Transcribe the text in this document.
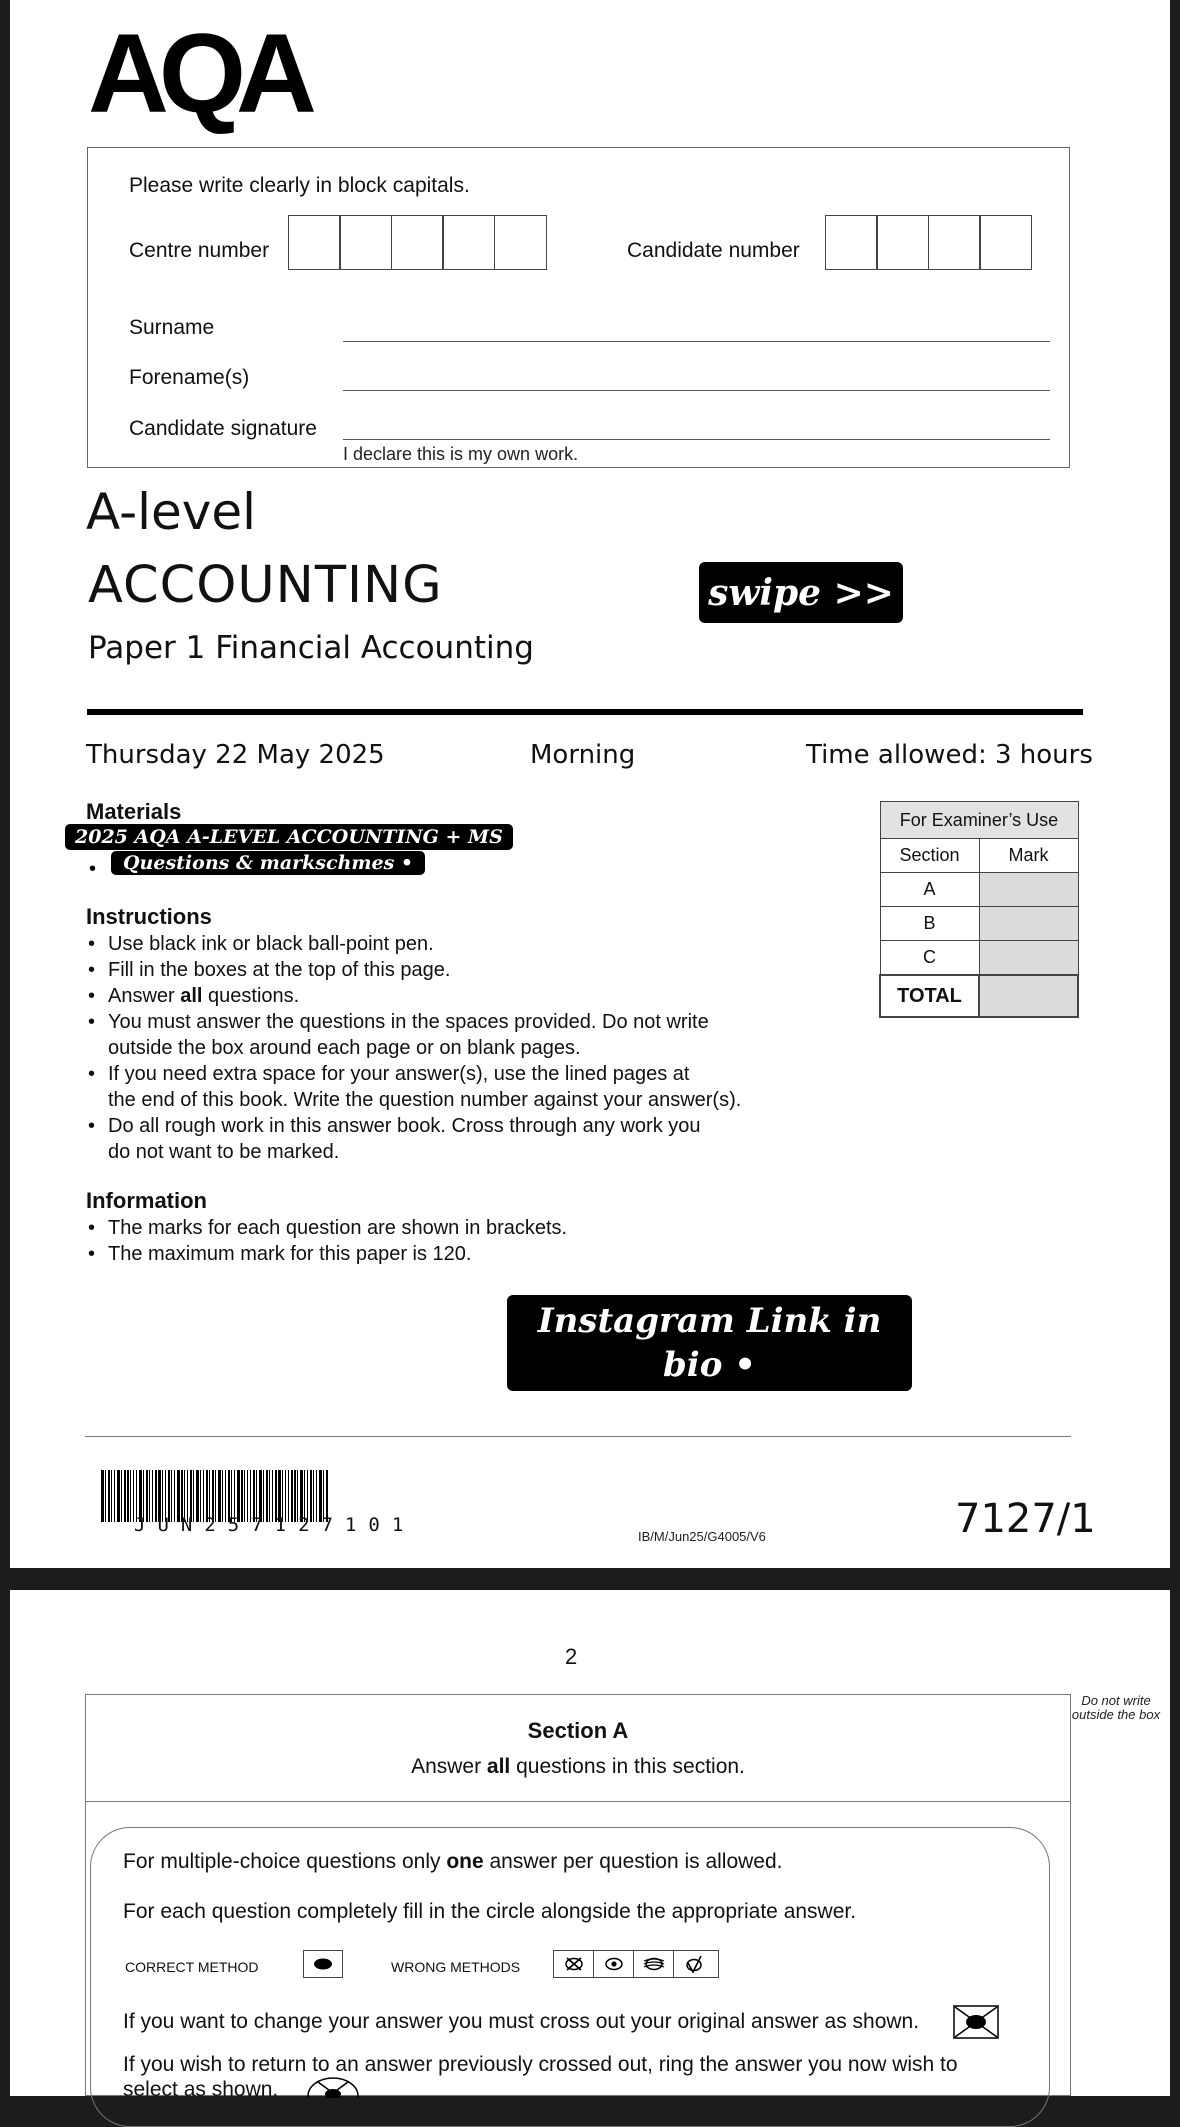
AQA
Please write clearly in block capitals.
Centre number	Candidate number
Surname
Forename(s)
Candidate signature
I declare this is my own work.
A-level
ACCOUNTING
Paper 1 Financial Accounting
swipe >>
Thursday 22 May 2025	Morning	Time allowed: 3 hours
Materials
•
2025 AQA A-LEVEL ACCOUNTING + MS
Questions & markschmes •
Instructions
• Use black ink or black ball-point pen.
• Fill in the boxes at the top of this page.
• Answer all questions.
• You must answer the questions in the spaces provided. Do not write
outside the box around each page or on blank pages.
• If you need extra space for your answer(s), use the lined pages at
the end of this book. Write the question number against your answer(s).
• Do all rough work in this answer book. Cross through any work you
do not want to be marked.
Information
• The marks for each question are shown in brackets.
• The maximum mark for this paper is 120.
For Examiner’s Use	
Section	Mark
A	
B	
C	
TOTAL	
Instagram Link in bio •
@mockpapersforyou
JUN257127101
IB/M/Jun25/G4005/V6	7127/1
2
Do not write outside the box
Section A
Answer all questions in this section.
For multiple-choice questions only one answer per question is allowed.
For each question completely fill in the circle alongside the appropriate answer.
CORRECT METHOD	WRONG METHODS
If you want to change your answer you must cross out your original answer as shown.
If you wish to return to an answer previously crossed out, ring the answer you now wish to
select as shown.
